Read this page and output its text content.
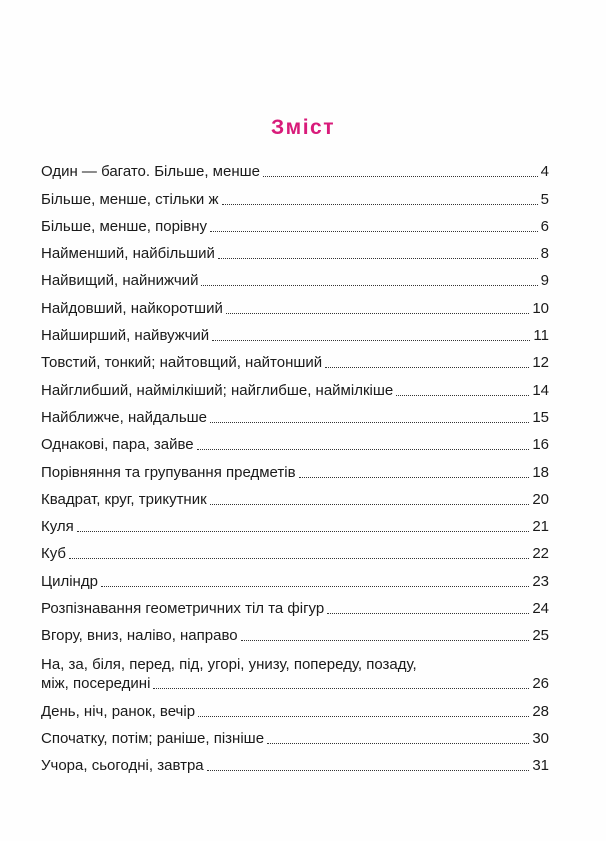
Зміст
Один — багато. Більше, менше	4
Більше, менше, стільки ж	5
Більше, менше, порівну	6
Найменший, найбільший	8
Найвищий, найнижчий	9
Найдовший, найкоротший	10
Найширший, найвужчий	11
Товстий, тонкий; найтовщий, найтонший	12
Найглибший, наймілкіший; найглибше, наймілкіше	14
Найближче, найдальше	15
Однакові, пара, зайве	16
Порівняння та групування предметів	18
Квадрат, круг, трикутник	20
Куля	21
Куб	22
Циліндр	23
Розпізнавання геометричних тіл та фігур	24
Вгору, вниз, наліво, направо	25
На, за, біля, перед, під, угорі, унизу, попереду, позаду,
між, посередині	26
День, ніч, ранок, вечір	28
Спочатку, потім; раніше, пізніше	30
Учора, сьогодні, завтра	31
